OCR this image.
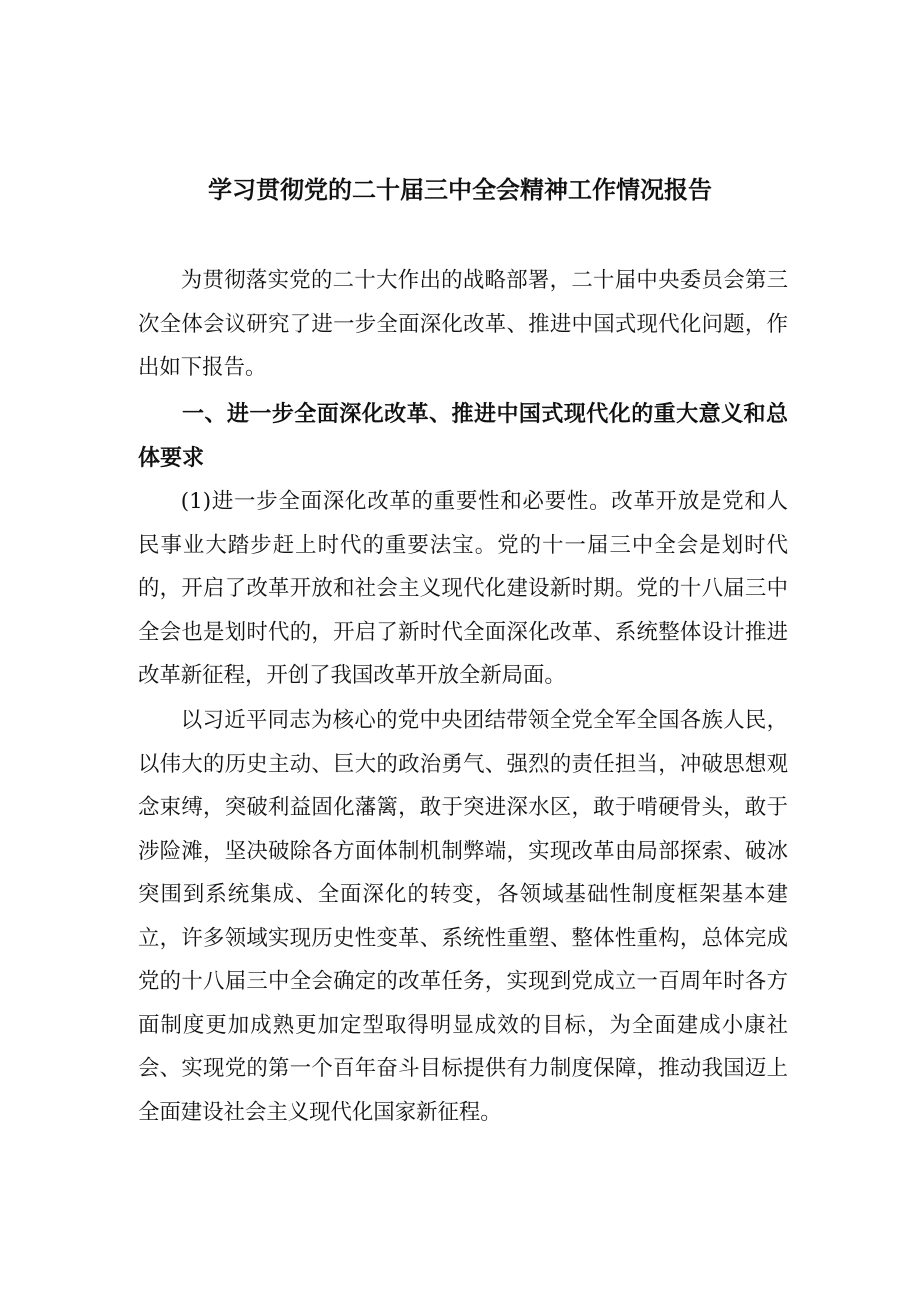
学习贯彻党的二十届三中全会精神工作情况报告

为贯彻落实党的二十大作出的战略部署，二十届中央委员会第三次全体会议研究了进一步全面深化改革、推进中国式现代化问题，作出如下报告。

一、进一步全面深化改革、推进中国式现代化的重大意义和总体要求

(1)进一步全面深化改革的重要性和必要性。改革开放是党和人民事业大踏步赶上时代的重要法宝。党的十一届三中全会是划时代的，开启了改革开放和社会主义现代化建设新时期。党的十八届三中全会也是划时代的，开启了新时代全面深化改革、系统整体设计推进改革新征程，开创了我国改革开放全新局面。

以习近平同志为核心的党中央团结带领全党全军全国各族人民，以伟大的历史主动、巨大的政治勇气、强烈的责任担当，冲破思想观念束缚，突破利益固化藩篱，敢于突进深水区，敢于啃硬骨头，敢于涉险滩，坚决破除各方面体制机制弊端，实现改革由局部探索、破冰突围到系统集成、全面深化的转变，各领域基础性制度框架基本建立，许多领域实现历史性变革、系统性重塑、整体性重构，总体完成党的十八届三中全会确定的改革任务，实现到党成立一百周年时各方面制度更加成熟更加定型取得明显成效的目标，为全面建成小康社会、实现党的第一个百年奋斗目标提供有力制度保障，推动我国迈上全面建设社会主义现代化国家新征程。
